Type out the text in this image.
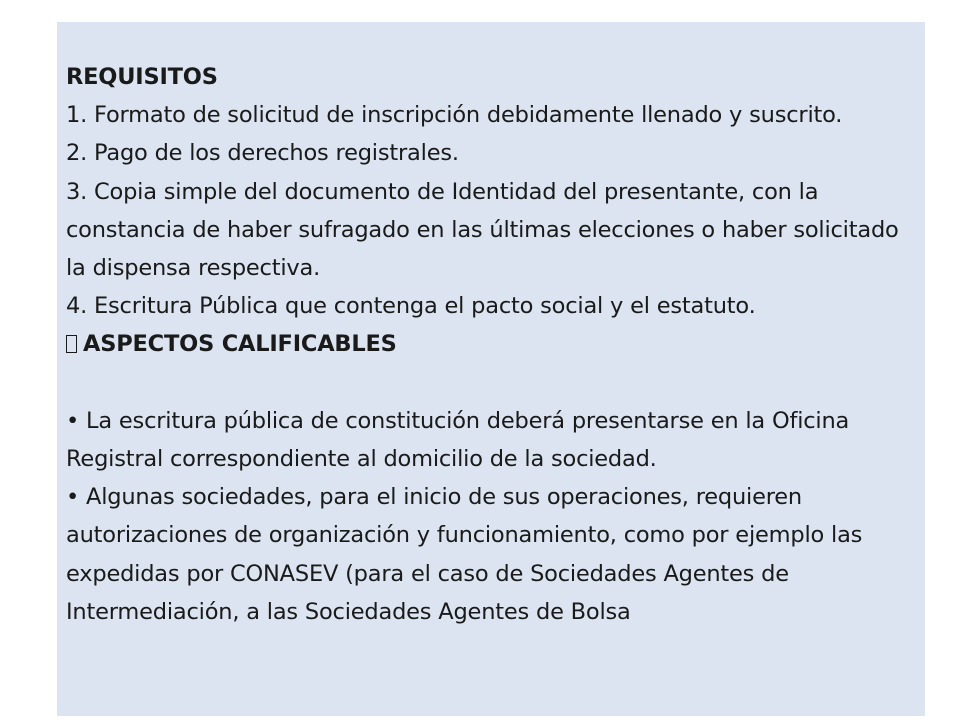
REQUISITOS
1. Formato de solicitud de inscripción debidamente llenado y suscrito.
2. Pago de los derechos registrales.
3. Copia simple del documento de Identidad del presentante, con la constancia de haber sufragado en las últimas elecciones o haber solicitado la dispensa respectiva.
4. Escritura Pública que contenga el pacto social y el estatuto.
ASPECTOS CALIFICABLES
• La escritura pública de constitución deberá presentarse en la Oficina Registral correspondiente al domicilio de la sociedad.
• Algunas sociedades, para el inicio de sus operaciones, requieren autorizaciones de organización y funcionamiento, como por ejemplo las expedidas por CONASEV (para el caso de Sociedades Agentes de Intermediación, a las Sociedades Agentes de Bolsa
